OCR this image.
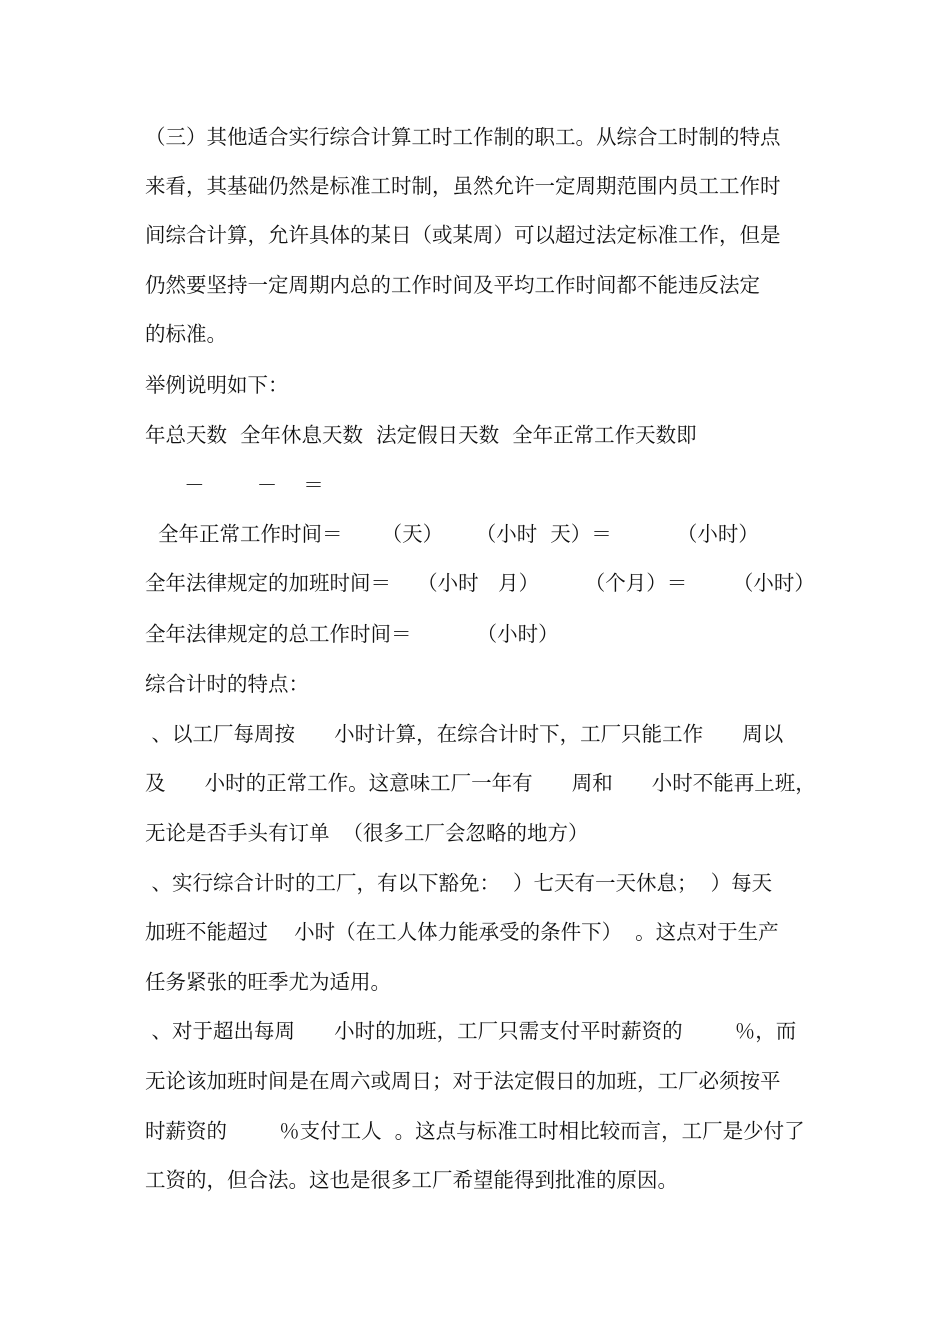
（三）其他适合实行综合计算工时工作制的职工。从综合工时制的特点
来看，其基础仍然是标准工时制，虽然允许一定周期范围内员工工作时
间综合计算，允许具体的某日（或某周）可以超过法定标准工作，但是
仍然要坚持一定周期内总的工作时间及平均工作时间都不能违反法定
的标准。
举例说明如下：
年总天数  全年休息天数  法定假日天数  全年正常工作天数即
－        －    ＝
全年正常工作时间＝      （天）     （小时  天）＝          （小时）
全年法律规定的加班时间＝    （小时   月）       （个月）＝       （小时）
全年法律规定的总工作时间＝          （小时）
综合计时的特点：
、以工厂每周按      小时计算，在综合计时下，工厂只能工作      周以
及      小时的正常工作。这意味工厂一年有      周和      小时不能再上班，
无论是否手头有订单  （很多工厂会忽略的地方）
、实行综合计时的工厂，有以下豁免：  ）七天有一天休息；  ）每天
加班不能超过    小时（在工人体力能承受的条件下）  。这点对于生产
任务紧张的旺季尤为适用。
、对于超出每周      小时的加班，工厂只需支付平时薪资的        ％，而
无论该加班时间是在周六或周日；对于法定假日的加班，工厂必须按平
时薪资的        ％支付工人  。这点与标准工时相比较而言，工厂是少付了
工资的，但合法。这也是很多工厂希望能得到批准的原因。
